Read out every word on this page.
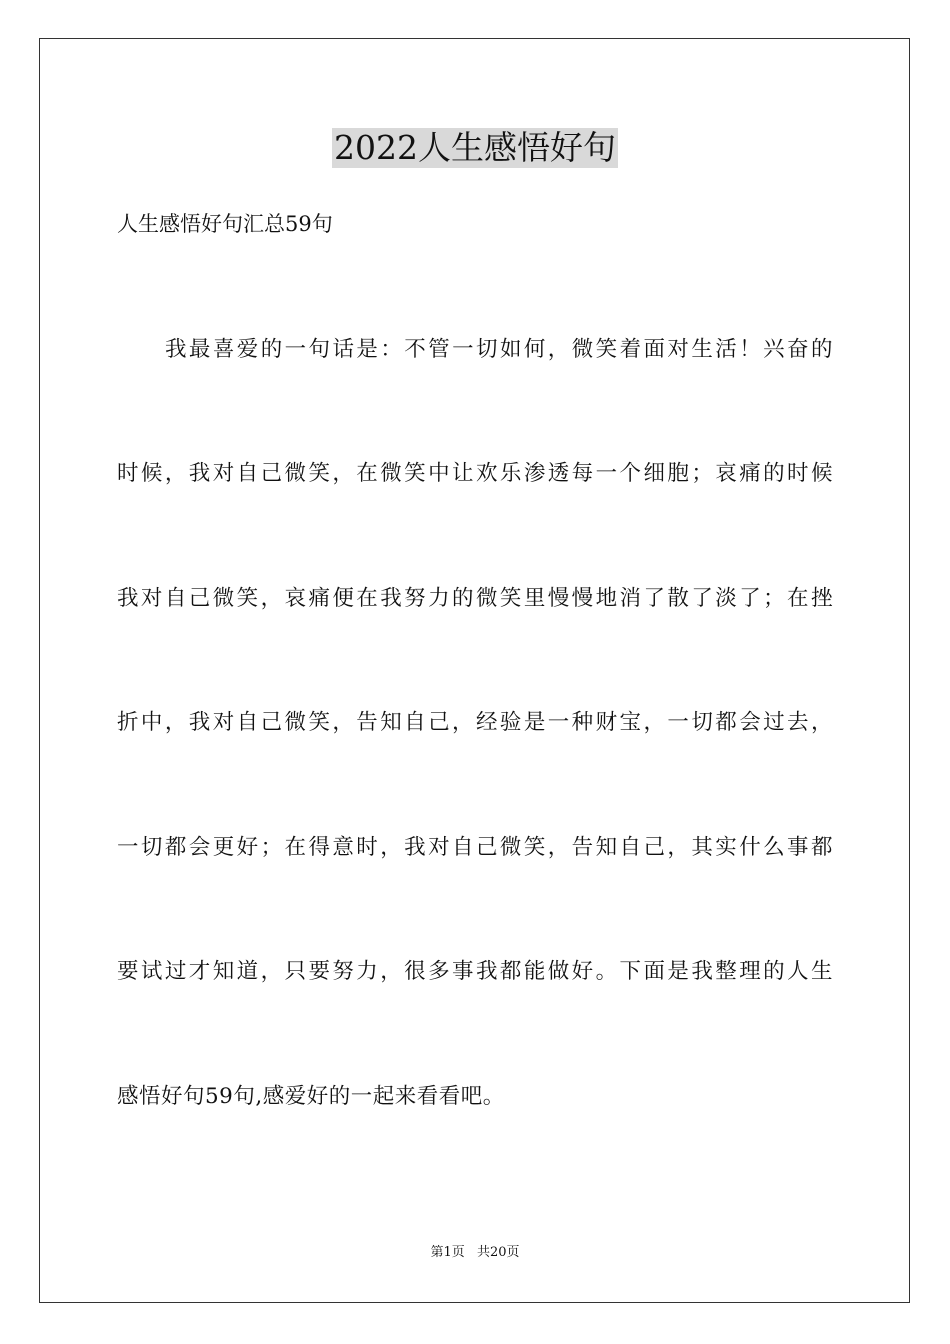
2022人生感悟好句
人生感悟好句汇总59句
我最喜爱的一句话是：不管一切如何，微笑着面对生活！兴奋的
时候，我对自己微笑，在微笑中让欢乐渗透每一个细胞；哀痛的时候
我对自己微笑，哀痛便在我努力的微笑里慢慢地消了散了淡了；在挫
折中，我对自己微笑，告知自己，经验是一种财宝，一切都会过去，
一切都会更好；在得意时，我对自己微笑，告知自己，其实什么事都
要试过才知道，只要努力，很多事我都能做好。下面是我整理的人生
感悟好句59句,感爱好的一起来看看吧。
第1页 共20页
